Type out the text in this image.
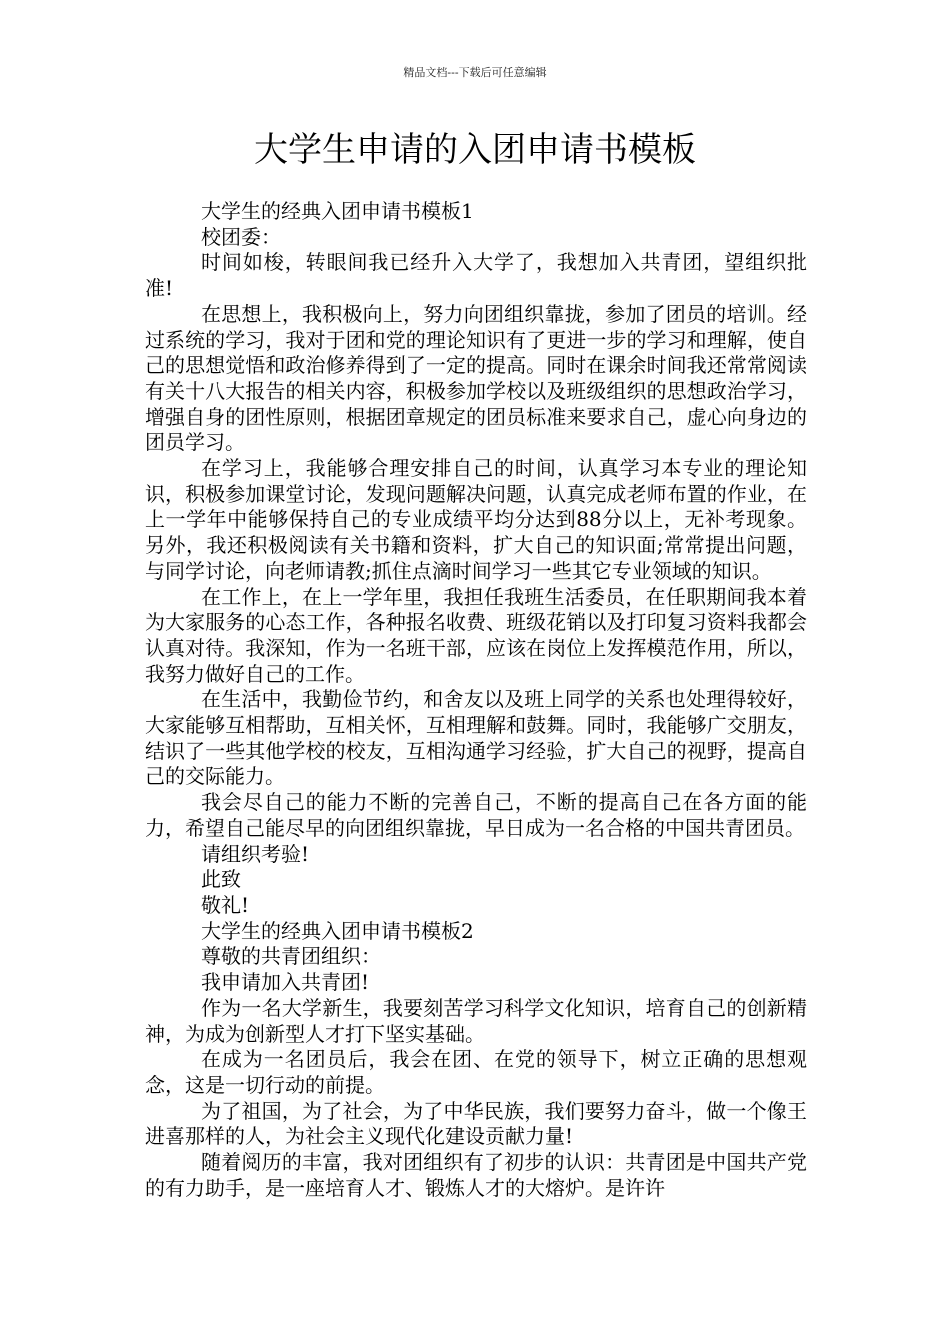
精品文档---下载后可任意编辑
大学生申请的入团申请书模板

大学生的经典入团申请书模板1

校团委：

时间如梭，转眼间我已经升入大学了，我想加入共青团，望组织批准!

在思想上，我积极向上，努力向团组织靠拢，参加了团员的培训。经过系统的学习，我对于团和党的理论知识有了更进一步的学习和理解，使自己的思想觉悟和政治修养得到了一定的提高。同时在课余时间我还常常阅读有关十八大报告的相关内容，积极参加学校以及班级组织的思想政治学习，增强自身的团性原则，根据团章规定的团员标准来要求自己，虚心向身边的团员学习。

在学习上，我能够合理安排自己的时间，认真学习本专业的理论知识，积极参加课堂讨论，发现问题解决问题，认真完成老师布置的作业，在上一学年中能够保持自己的专业成绩平均分达到88分以上，无补考现象。另外，我还积极阅读有关书籍和资料，扩大自己的知识面;常常提出问题，与同学讨论，向老师请教;抓住点滴时间学习一些其它专业领域的知识。

在工作上，在上一学年里，我担任我班生活委员，在任职期间我本着为大家服务的心态工作，各种报名收费、班级花销以及打印复习资料我都会认真对待。我深知，作为一名班干部，应该在岗位上发挥模范作用，所以，我努力做好自己的工作。

在生活中，我勤俭节约，和舍友以及班上同学的关系也处理得较好，大家能够互相帮助，互相关怀，互相理解和鼓舞。同时，我能够广交朋友，结识了一些其他学校的校友，互相沟通学习经验，扩大自己的视野，提高自己的交际能力。

我会尽自己的能力不断的完善自己，不断的提高自己在各方面的能力，希望自己能尽早的向团组织靠拢，早日成为一名合格的中国共青团员。

请组织考验!

此致

敬礼!

大学生的经典入团申请书模板2

尊敬的共青团组织：

我申请加入共青团!

作为一名大学新生，我要刻苦学习科学文化知识，培育自己的创新精神，为成为创新型人才打下坚实基础。

在成为一名团员后，我会在团、在党的领导下，树立正确的思想观念，这是一切行动的前提。

为了祖国，为了社会，为了中华民族，我们要努力奋斗，做一个像王进喜那样的人，为社会主义现代化建设贡献力量!

随着阅历的丰富，我对团组织有了初步的认识：共青团是中国共产党的有力助手，是一座培育人才、锻炼人才的大熔炉。是许许
